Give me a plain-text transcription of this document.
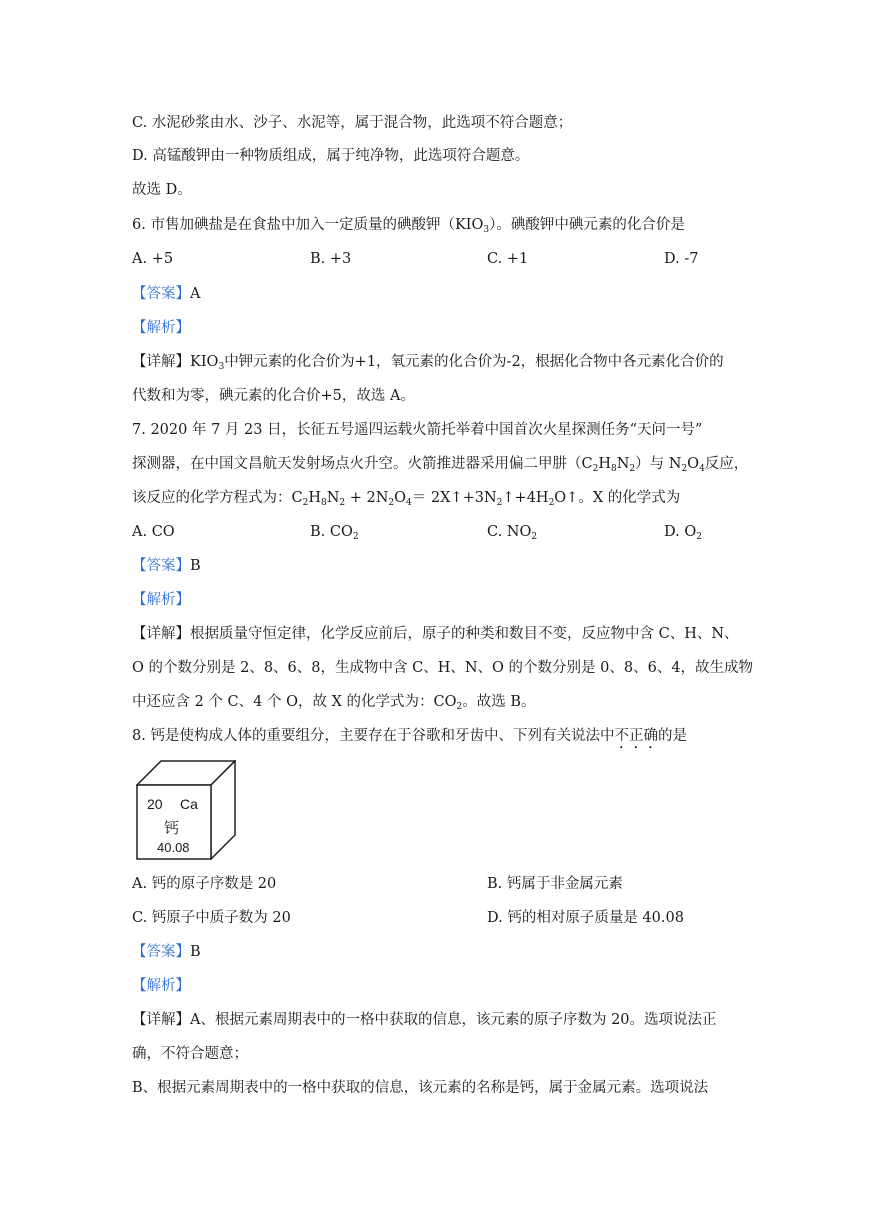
C. 水泥砂浆由水、沙子、水泥等，属于混合物，此选项不符合题意；
D. 高锰酸钾由一种物质组成，属于纯净物，此选项符合题意。
故选 D。
6. 市售加碘盐是在食盐中加入一定质量的碘酸钾$(KIO_3)$。碘酸钾中碘元素的化合价是
A. +5	B. +3	C. +1	D. -7
【答案】A
【解析】
【详解】$KIO_3$中钾元素的化合价为+1，氧元素的化合价为-2，根据化合物中各元素化合价的
代数和为零，碘元素的化合价+5，故选 A。
7. 2020 年 7 月 23 日，长征五号遥四运载火箭托举着中国首次火星探测任务“天问一号”
探测器，在中国文昌航天发射场点火升空。火箭推进器采用偏二甲肼$(C_2H_8N_2)$与 $N_2O_4$反应，
该反应的化学方程式为：$C_2H_8N_2 + 2N_2O_4=$ $2X↑+3N_2↑+4H_2O↑$。X 的化学式为
A. CO	B. $CO_2$	C. $NO_2$	D. $O_2$
【答案】B
【解析】
【详解】根据质量守恒定律，化学反应前后，原子的种类和数目不变，反应物中含 C、H、N、
O 的个数分别是 2、8、6、8，生成物中含 C、H、N、O 的个数分别是 0、8、6、4，故生成物
中还应含 2 个 C、4 个 O，故 X 的化学式为：$CO_2$。故选 B。
8. 钙是使构成人体的重要组分，主要存在于谷歌和牙齿中、下列有关说法中不正确的是
20 Ca
钙
40.08
A. 钙的原子序数是 20	B. 钙属于非金属元素
C. 钙原子中质子数为 20	D. 钙的相对原子质量是 40.08
【答案】B
【解析】
【详解】A、根据元素周期表中的一格中获取的信息，该元素的原子序数为 20。选项说法正
确，不符合题意；
B、根据元素周期表中的一格中获取的信息，该元素的名称是钙，属于金属元素。选项说法
